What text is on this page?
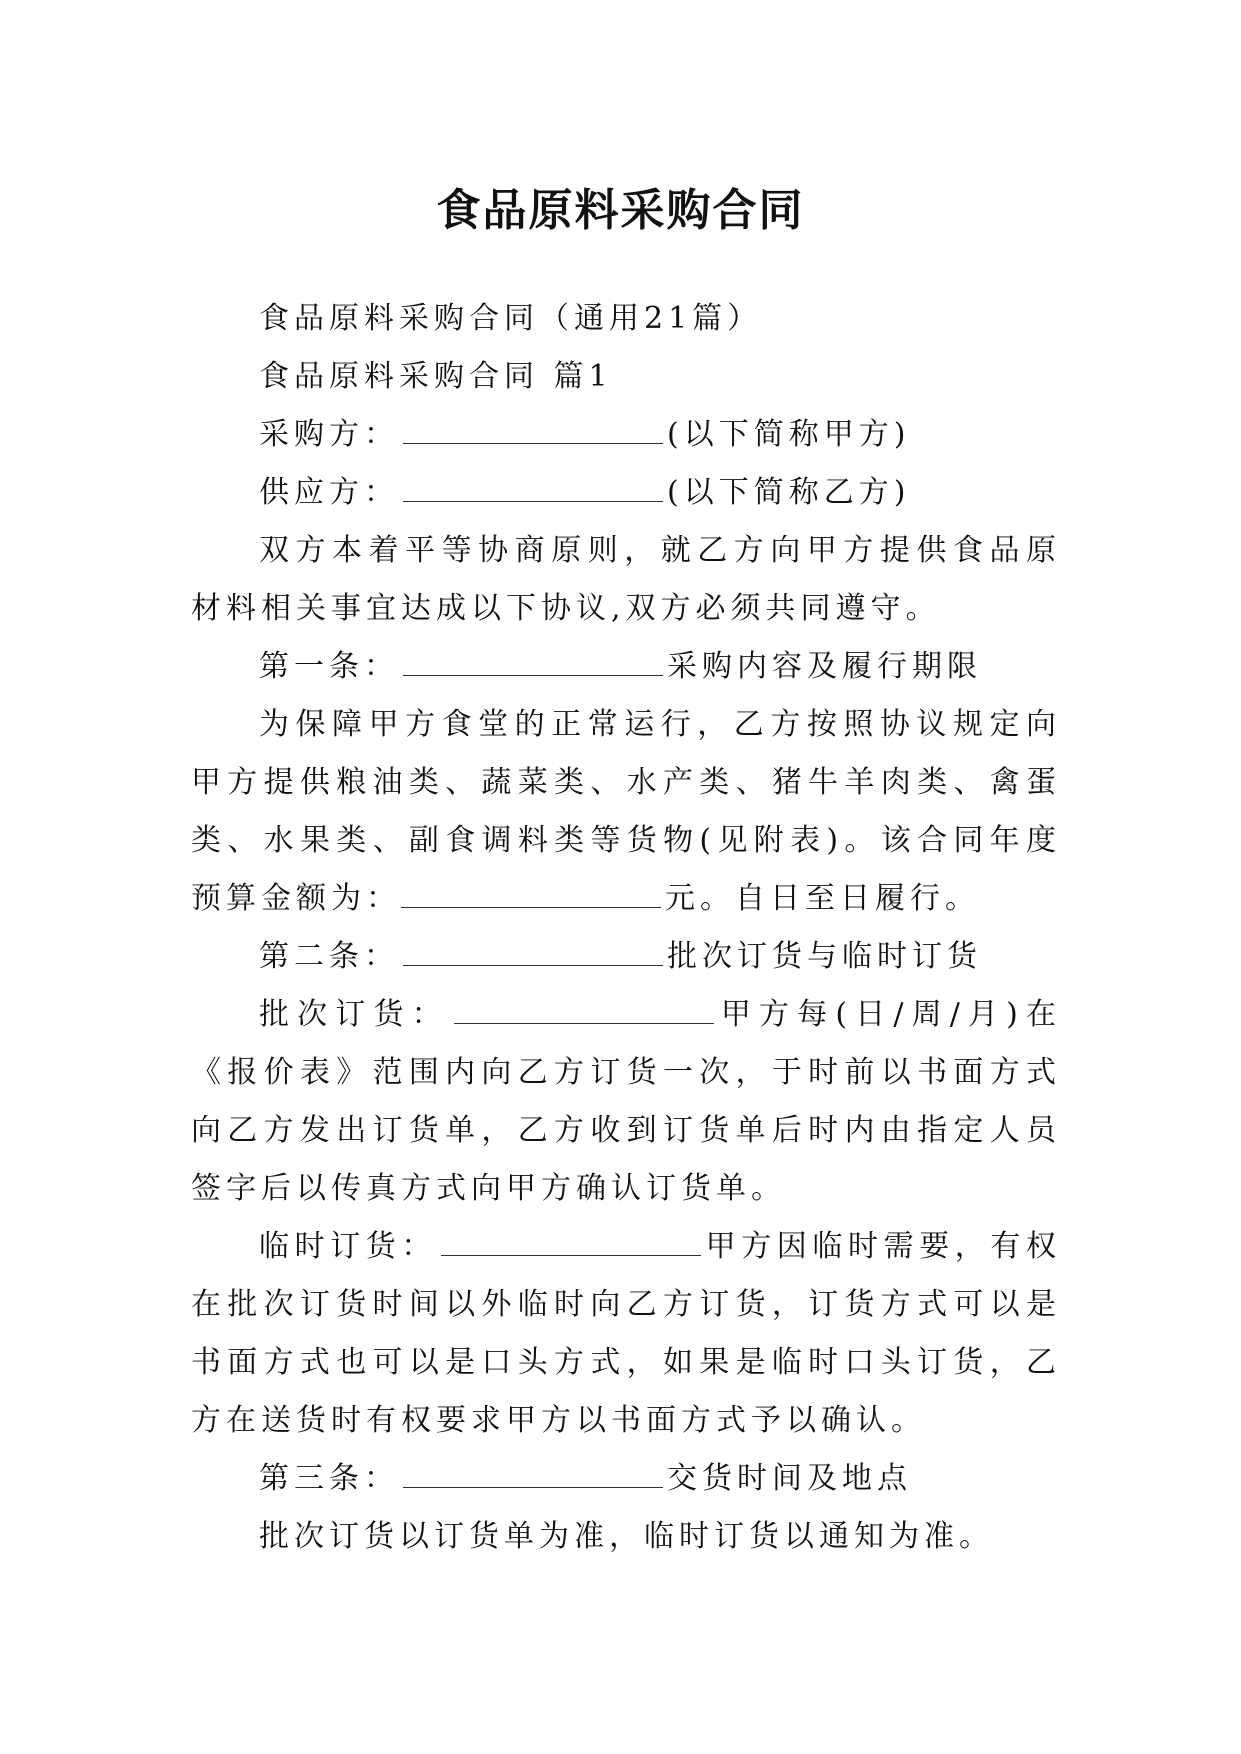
食品原料采购合同

食品原料采购合同（通用21篇）

食品原料采购合同 篇1

采购方：	(以下简称甲方)

供应方：	(以下简称乙方)

双方本着平等协商原则，就乙方向甲方提供食品原材料相关事宜达成以下协议,双方必须共同遵守。

第一条：	采购内容及履行期限

为保障甲方食堂的正常运行，乙方按照协议规定向甲方提供粮油类、蔬菜类、水产类、猪牛羊肉类、禽蛋类、水果类、副食调料类等货物(见附表)。该合同年度预算金额为：	元。自日至日履行。

第二条：	批次订货与临时订货

批次订货：	甲方每(日/周/月)在《报价表》范围内向乙方订货一次，于时前以书面方式向乙方发出订货单，乙方收到订货单后时内由指定人员签字后以传真方式向甲方确认订货单。

临时订货：	甲方因临时需要，有权在批次订货时间以外临时向乙方订货，订货方式可以是书面方式也可以是口头方式，如果是临时口头订货，乙方在送货时有权要求甲方以书面方式予以确认。

第三条：	交货时间及地点

批次订货以订货单为准，临时订货以通知为准。
